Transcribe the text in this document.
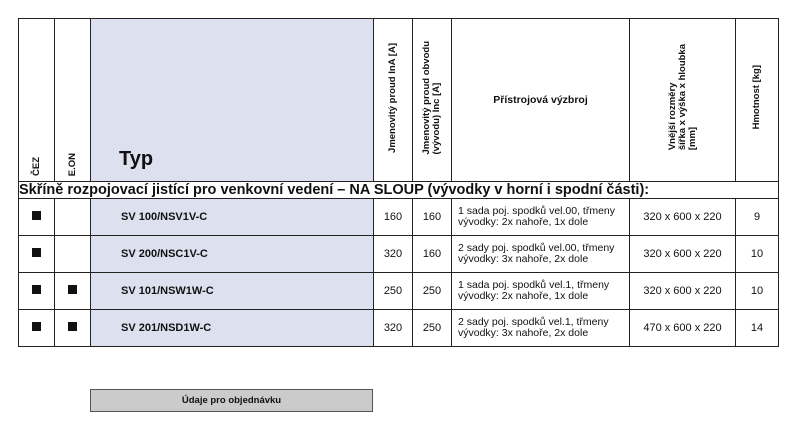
ČEZ	E.ON	Typ	Jmenovitý proud InA [A]	Jmenovitý proud obvodu
(vývodu) Inc [A]	Přístrojová výzbroj	Vnější rozměry
šířka x výška x hloubka
[mm]	Hmotnost [kg]
Skříně rozpojovací jistící pro venkovní vedení – NA SLOUP (vývodky v horní i spodní části):							
		SV 100/NSV1V-C	160	160	1 sada poj. spodků vel.00, třmeny
vývodky: 2x nahoře, 1x dole	320 x 600 x 220	9
		SV 200/NSC1V-C	320	160	2 sady poj. spodků vel.00, třmeny
vývodky: 3x nahoře, 2x dole	320 x 600 x 220	10
		SV 101/NSW1W-C	250	250	1 sada poj. spodků vel.1, třmeny
vývodky: 2x nahoře, 1x dole	320 x 600 x 220	10
		SV 201/NSD1W-C	320	250	2 sady poj. spodků vel.1, třmeny
vývodky: 3x nahoře, 2x dole	470 x 600 x 220	14
Údaje pro objednávku
